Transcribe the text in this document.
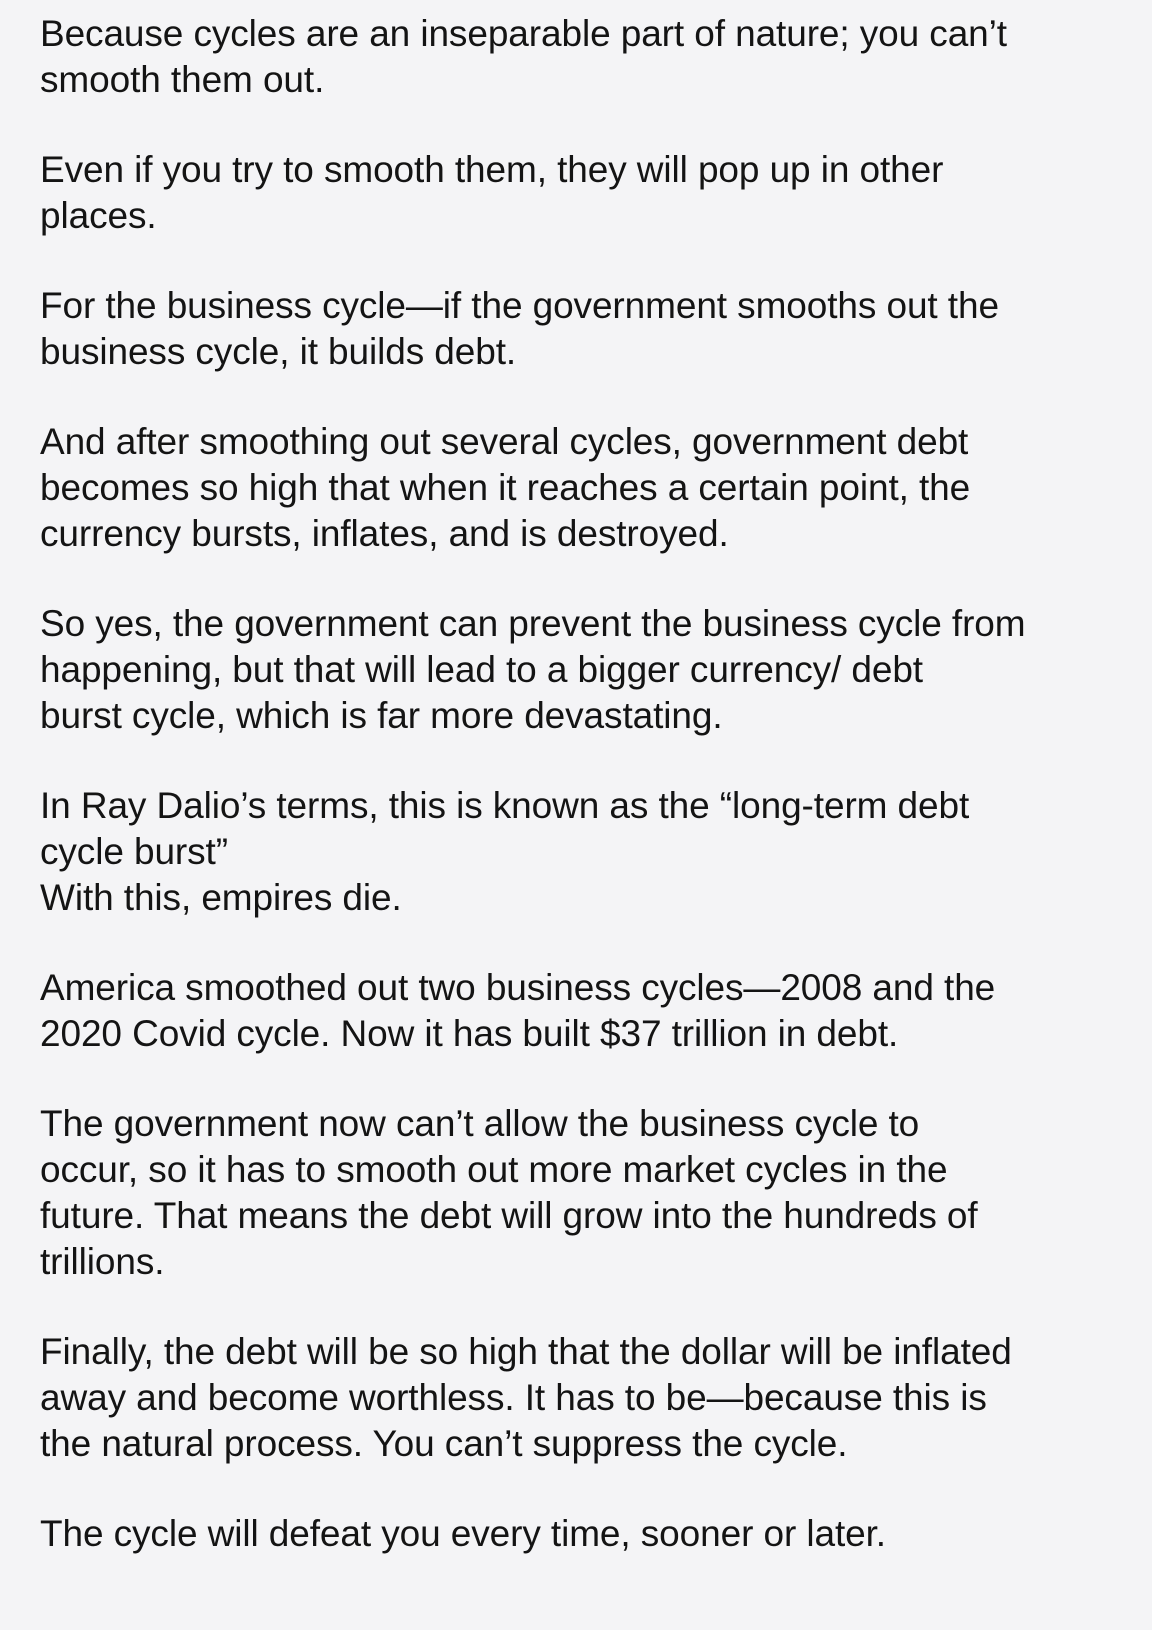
Because cycles are an inseparable part of nature; you can’t
smooth them out.

Even if you try to smooth them, they will pop up in other
places.

For the business cycle—if the government smooths out the
business cycle, it builds debt.

And after smoothing out several cycles, government debt
becomes so high that when it reaches a certain point, the
currency bursts, inflates, and is destroyed.

So yes, the government can prevent the business cycle from
happening, but that will lead to a bigger currency/ debt
burst cycle, which is far more devastating.

In Ray Dalio’s terms, this is known as the “long-term debt
cycle burst”
With this, empires die.

America smoothed out two business cycles—2008 and the
2020 Covid cycle. Now it has built $37 trillion in debt.

The government now can’t allow the business cycle to
occur, so it has to smooth out more market cycles in the
future. That means the debt will grow into the hundreds of
trillions.

Finally, the debt will be so high that the dollar will be inflated
away and become worthless. It has to be—because this is
the natural process. You can’t suppress the cycle.

The cycle will defeat you every time, sooner or later.
